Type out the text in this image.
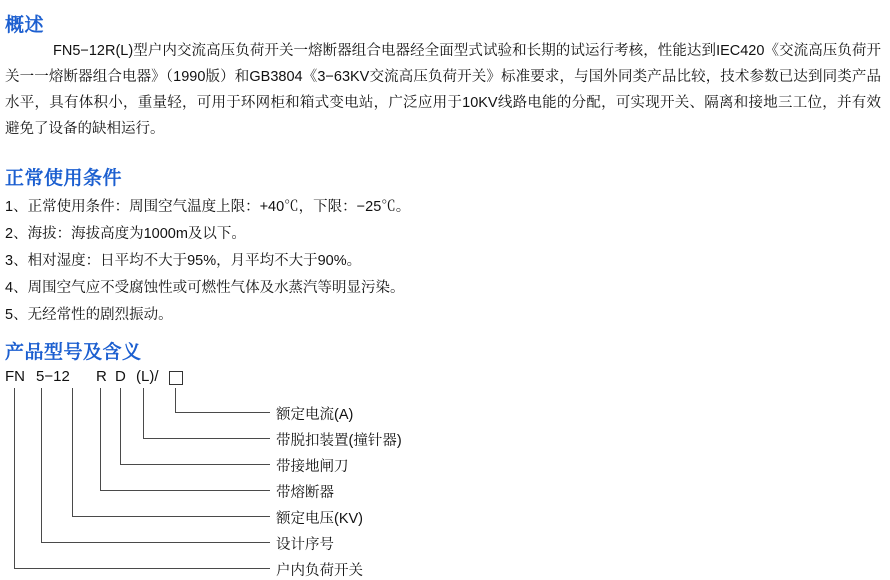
概述
FN5−12R(L)型户内交流高压负荷开关一熔断器组合电器经全面型式试验和长期的试运行考核，性能达到IEC420《交流高压负荷开关一一熔断器组合电器》（1990版）和GB3804《3−63KV交流高压负荷开关》标准要求，与国外同类产品比较，技术参数已达到同类产品水平，具有体积小，重量轻，可用于环网柜和箱式变电站，广泛应用于10KV线路电能的分配，可实现开关、隔离和接地三工位，并有效避免了设备的缺相运行。
正常使用条件
1、正常使用条件：周围空气温度上限：+40℃，下限：−25℃。
2、海拔：海拔高度为1000m及以下。
3、相对湿度：日平均不大于95%，月平均不大于90%。
4、周围空气应不受腐蚀性或可燃性气体及水蒸汽等明显污染。
5、无经常性的剧烈振动。
产品型号及含义
FN 5−12 R D (L)/
额定电流(A)
带脱扣装置(撞针器)
带接地闸刀
带熔断器
额定电压(KV)
设计序号
户内负荷开关
